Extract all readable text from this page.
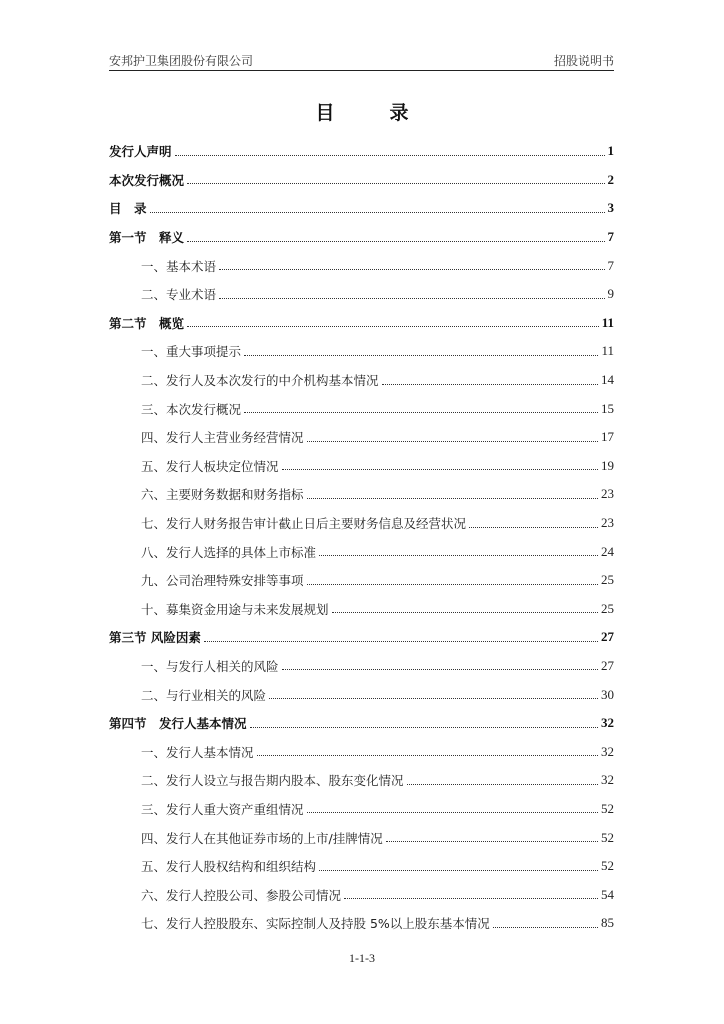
安邦护卫集团股份有限公司	招股说明书
目　录
发行人声明	1
本次发行概况	2
目　录	3
第一节　释义	7
一、基本术语	7
二、专业术语	9
第二节　概览	11
一、重大事项提示	11
二、发行人及本次发行的中介机构基本情况	14
三、本次发行概况	15
四、发行人主营业务经营情况	17
五、发行人板块定位情况	19
六、主要财务数据和财务指标	23
七、发行人财务报告审计截止日后主要财务信息及经营状况	23
八、发行人选择的具体上市标准	24
九、公司治理特殊安排等事项	25
十、募集资金用途与未来发展规划	25
第三节 风险因素	27
一、与发行人相关的风险	27
二、与行业相关的风险	30
第四节　发行人基本情况	32
一、发行人基本情况	32
二、发行人设立与报告期内股本、股东变化情况	32
三、发行人重大资产重组情况	52
四、发行人在其他证券市场的上市/挂牌情况	52
五、发行人股权结构和组织结构	52
六、发行人控股公司、参股公司情况	54
七、发行人控股股东、实际控制人及持股 5%以上股东基本情况	85
1-1-3
